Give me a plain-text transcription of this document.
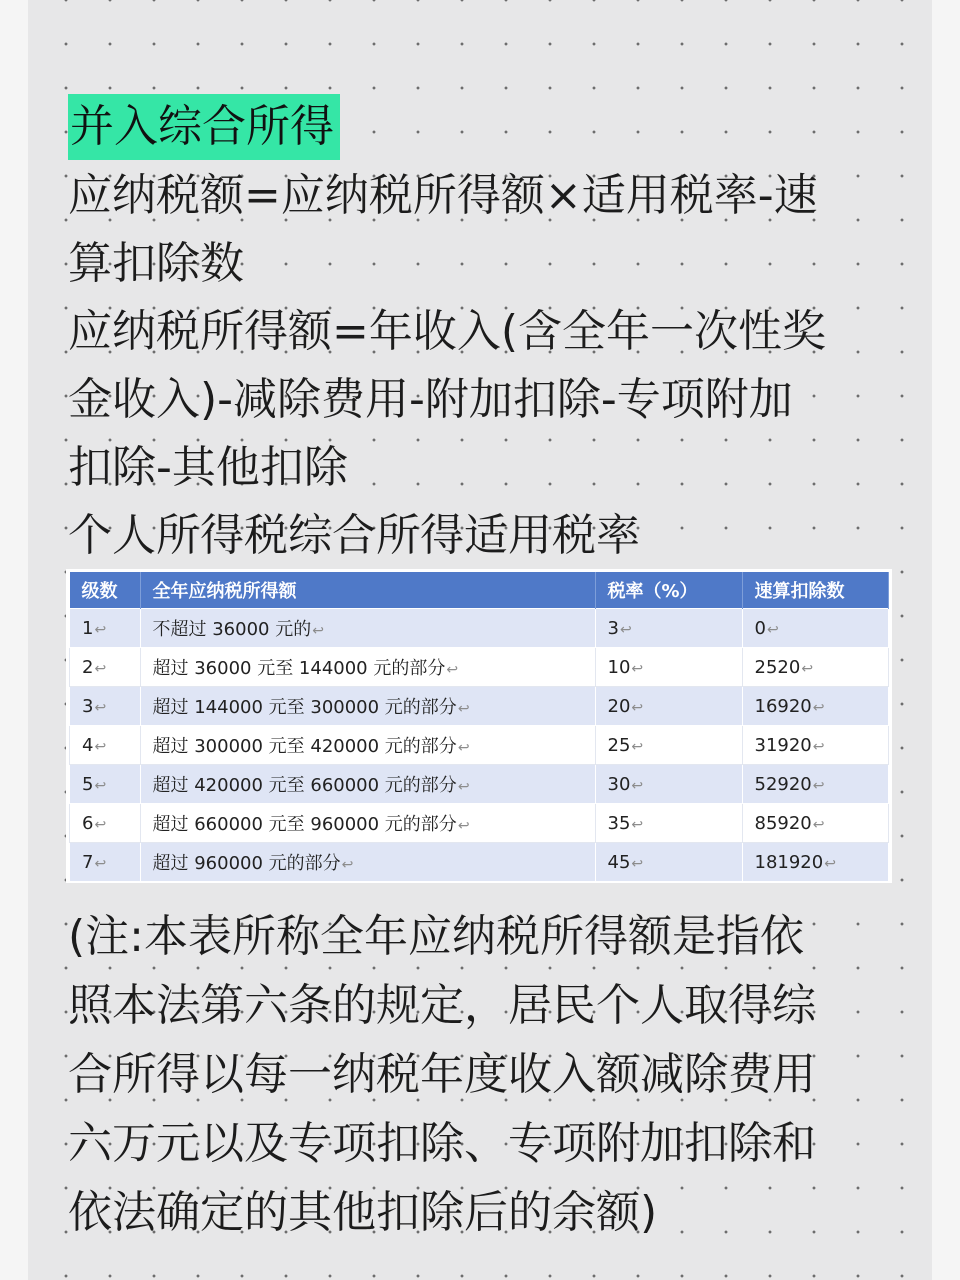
并入综合所得
应纳税额=应纳税所得额×适用税率-速
算扣除数
应纳税所得额=年收入(含全年一次性奖
金收入)-减除费用-附加扣除-专项附加
扣除-其他扣除
个人所得税综合所得适用税率
级数	全年应纳税所得额	税率（%）	速算扣除数
1↩	不超过 36000 元的↩	3↩	0↩
2↩	超过 36000 元至 144000 元的部分↩	10↩	2520↩
3↩	超过 144000 元至 300000 元的部分↩	20↩	16920↩
4↩	超过 300000 元至 420000 元的部分↩	25↩	31920↩
5↩	超过 420000 元至 660000 元的部分↩	30↩	52920↩
6↩	超过 660000 元至 960000 元的部分↩	35↩	85920↩
7↩	超过 960000 元的部分↩	45↩	181920↩
(注:本表所称全年应纳税所得额是指依
照本法第六条的规定，居民个人取得综
合所得以每一纳税年度收入额减除费用
六万元以及专项扣除、专项附加扣除和
依法确定的其他扣除后的余额)
